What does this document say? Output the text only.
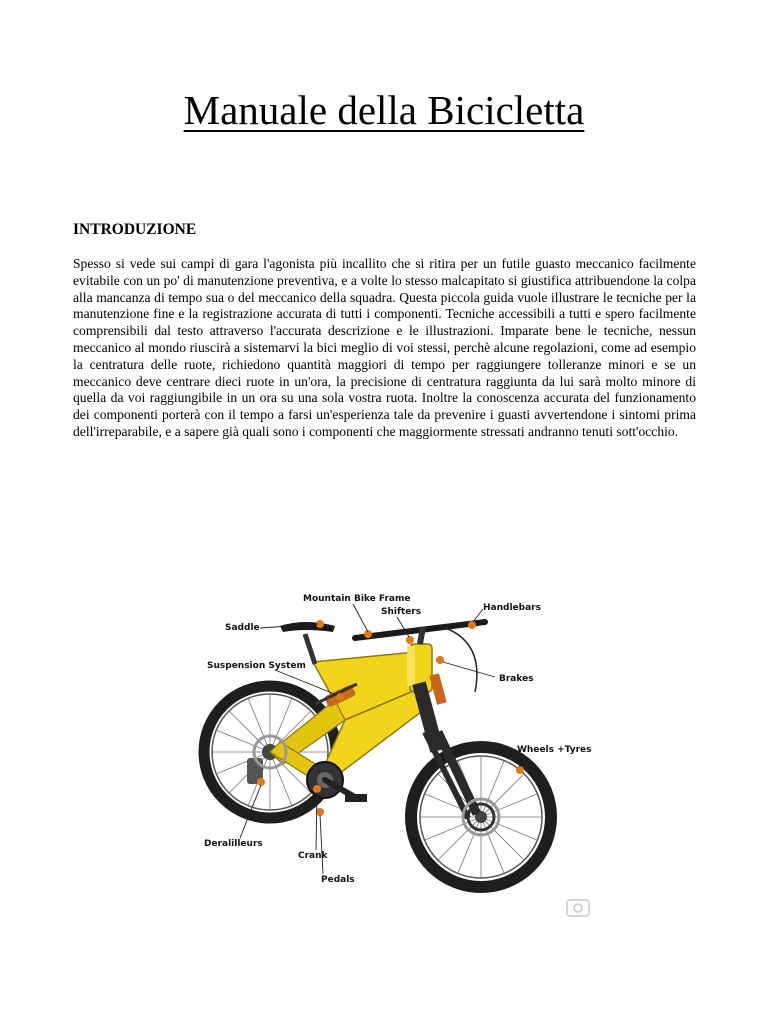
Manuale della Bicicletta
INTRODUZIONE

Spesso si vede sui campi di gara l'agonista più incallito che si ritira per un futile guasto meccanico facilmente evitabile con un po' di manutenzione preventiva, e a volte lo stesso malcapitato si giustifica attribuendone la colpa alla mancanza di tempo sua o del meccanico della squadra. Questa piccola guida vuole illustrare le tecniche per la manutenzione fine e la registrazione accurata di tutti i componenti. Tecniche accessibili a tutti e spero facilmente comprensibili dal testo attraverso l'accurata descrizione e le illustrazioni. Imparate bene le tecniche, nessun meccanico al mondo riuscirà a sistemarvi la bici meglio di voi stessi, perchè alcune regolazioni, come ad esempio la centratura delle ruote, richiedono quantità maggiori di tempo per raggiungere tolleranze minori e se un meccanico deve centrare dieci ruote in un'ora, la precisione di centratura raggiunta da lui sarà molto minore di quella da voi raggiungibile in un ora su una sola vostra ruota. Inoltre la conoscenza accurata del funzionamento dei componenti porterà con il tempo a farsi un'esperienza tale da prevenire i guasti avvertendone i sintomi prima dell'irreparabile, e a sapere già quali sono i componenti che maggiormente stressati andranno tenuti sott'occhio.

Mountain Bike Frame
Shifters	Handlebars
Saddle
Suspension System
Brakes
Wheels +Tyres
Deralilleurs
Crank
Pedals
